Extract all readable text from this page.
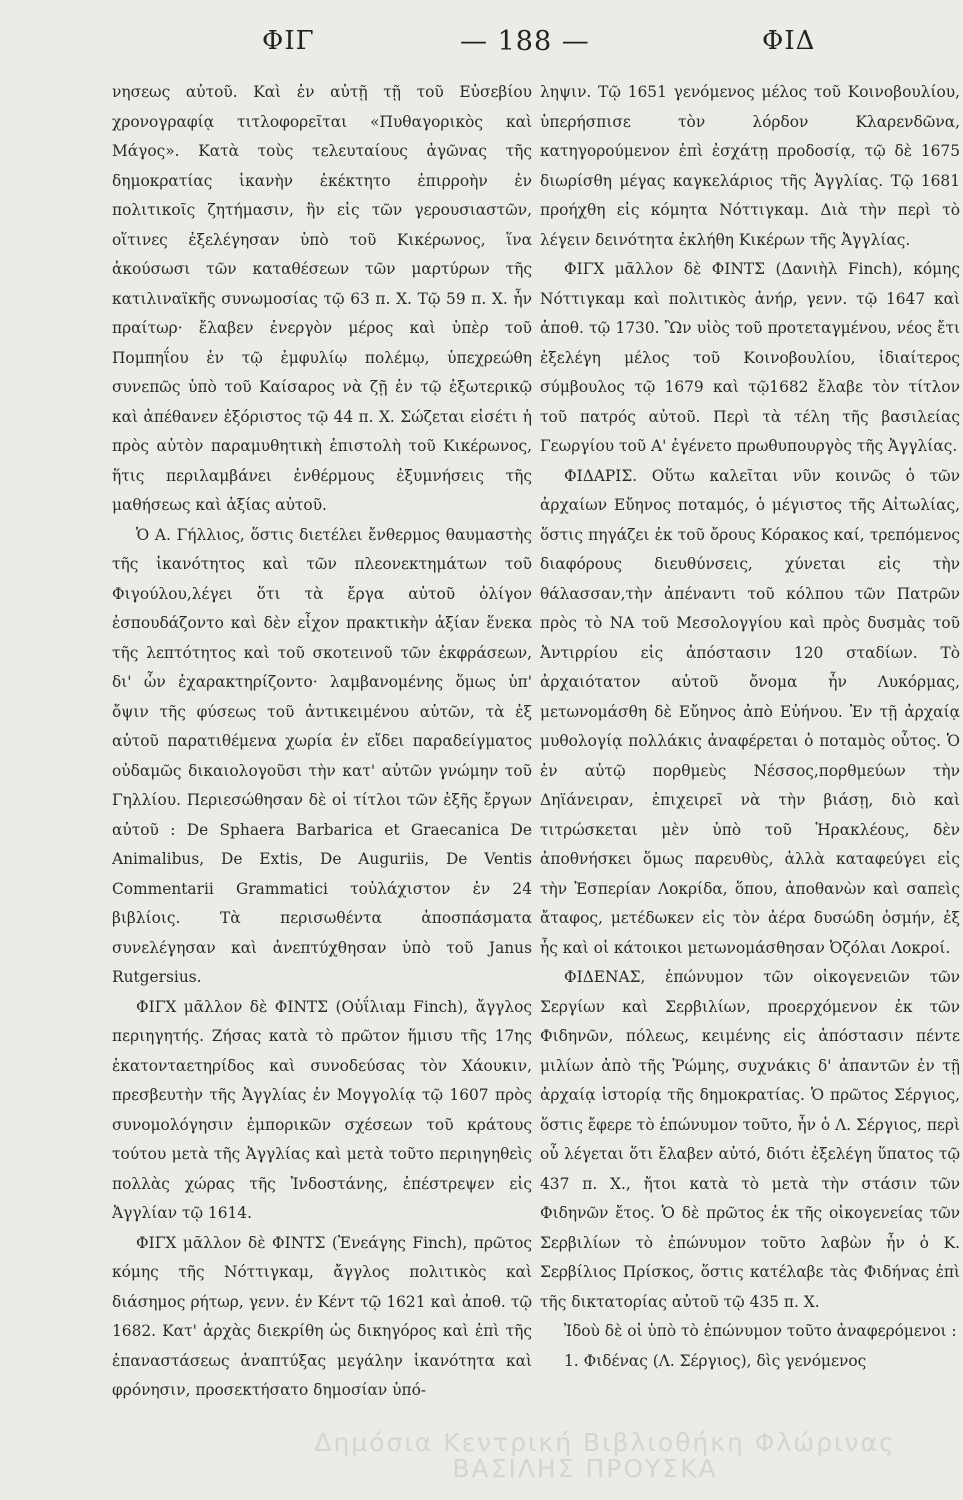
ΦΙΓ	— 188 —	ΦΙΔ

νησεως αὐτοῦ. Καὶ ἐν αὐτῇ τῇ τοῦ Εὐσεβίου χρονογραφίᾳ τιτλοφορεῖται «Πυθαγορικὸς καὶ Μάγος». Κατὰ τοὺς τελευταίους ἀγῶνας τῆς δημοκρατίας ἱκανὴν ἐκέκτητο ἐπιρροὴν ἐν πολιτικοῖς ζητήμασιν, ἣν εἰς τῶν γερουσιαστῶν, οἵτινες ἐξελέγησαν ὑπὸ τοῦ Κικέρωνος, ἵνα ἀκούσωσι τῶν καταθέσεων τῶν μαρτύρων τῆς κατιλιναϊκῆς συνωμοσίας τῷ 63 π. Χ. Τῷ 59 π. Χ. ἦν πραίτωρ· ἔλαβεν ἐνεργὸν μέρος καὶ ὑπὲρ τοῦ Πομπηΐου ἐν τῷ ἐμφυλίῳ πολέμῳ, ὑπεχρεώθη συνεπῶς ὑπὸ τοῦ Καίσαρος νὰ ζῇ ἐν τῷ ἐξωτερικῷ καὶ ἀπέθανεν ἐξόριστος τῷ 44 π. Χ. Σώζεται εἰσέτι ἡ πρὸς αὐτὸν παραμυθητικὴ ἐπιστολὴ τοῦ Κικέρωνος, ἥτις περιλαμβάνει ἐνθέρμους ἐξυμνήσεις τῆς μαθήσεως καὶ ἀξίας αὐτοῦ.

Ὁ Α. Γήλλιος, ὅστις διετέλει ἔνθερμος θαυμαστὴς τῆς ἱκανότητος καὶ τῶν πλεονεκτημάτων τοῦ Φιγούλου,λέγει ὅτι τὰ ἔργα αὐτοῦ ὀλίγον ἐσπουδάζοντο καὶ δὲν εἶχον πρακτικὴν ἀξίαν ἕνεκα τῆς λεπτότητος καὶ τοῦ σκοτεινοῦ τῶν ἐκφράσεων, δι' ὧν ἐχαρακτηρίζοντο· λαμβανομένης ὅμως ὑπ' ὄψιν τῆς φύσεως τοῦ ἀντικειμένου αὐτῶν, τὰ ἐξ αὐτοῦ παρατιθέμενα χωρία ἐν εἴδει παραδείγματος οὐδαμῶς δικαιολογοῦσι τὴν κατ' αὐτῶν γνώμην τοῦ Γηλλίου. Περιεσώθησαν δὲ οἱ τίτλοι τῶν ἑξῆς ἔργων αὐτοῦ : De Sphaera Barbarica et Graecanica De Animalibus, De Extis, De Auguriis, De Ventis Commentarii Grammatici τοὐλάχιστον ἐν 24 βιβλίοις. Τὰ περισωθέντα ἀποσπάσματα συνελέγησαν καὶ ἀνεπτύχθησαν ὑπὸ τοῦ Janus Rutgersius.

ΦΙΓΧ μᾶλλον δὲ ΦΙΝΤΣ (Οὐΐλιαμ Finch), ἄγγλος περιηγητής. Ζήσας κατὰ τὸ πρῶτον ἥμισυ τῆς 17ης ἑκατονταετηρίδος καὶ συνοδεύσας τὸν Χάουκιν, πρεσβευτὴν τῆς Ἀγγλίας ἐν Μογγολίᾳ τῷ 1607 πρὸς συνομολόγησιν ἐμπορικῶν σχέσεων τοῦ κράτους τούτου μετὰ τῆς Ἀγγλίας καὶ μετὰ τοῦτο περιηγηθεὶς πολλὰς χώρας τῆς Ἰνδοστάνης, ἐπέστρεψεν εἰς Ἀγγλίαν τῷ 1614.

ΦΙΓΧ μᾶλλον δὲ ΦΙΝΤΣ (Ἐνεάγης Finch), πρῶτος κόμης τῆς Νόττιγκαμ, ἄγγλος πολιτικὸς καὶ διάσημος ρήτωρ, γενν. ἐν Κέντ τῷ 1621 καὶ ἀποθ. τῷ 1682. Κατ' ἀρχὰς διεκρίθη ὡς δικηγόρος καὶ ἐπὶ τῆς ἐπαναστάσεως ἀναπτύξας μεγάλην ἱκανότητα καὶ φρόνησιν, προσεκτήσατο δημοσίαν ὑπό-

ληψιν. Τῷ 1651 γενόμενος μέλος τοῦ Κοινοβουλίου, ὑπερήσπισε τὸν λόρδον Κλαρενδῶνα, κατηγορούμενον ἐπὶ ἐσχάτῃ προδοσίᾳ, τῷ δὲ 1675 διωρίσθη μέγας καγκελάριος τῆς Ἀγγλίας. Τῷ 1681 προήχθη εἰς κόμητα Νόττιγκαμ. Διὰ τὴν περὶ τὸ λέγειν δεινότητα ἐκλήθη Κικέρων τῆς Ἀγγλίας.

ΦΙΓΧ μᾶλλον δὲ ΦΙΝΤΣ (Δανιὴλ Finch), κόμης Νόττιγκαμ καὶ πολιτικὸς ἀνήρ, γενν. τῷ 1647 καὶ ἀποθ. τῷ 1730. Ὢν υἱὸς τοῦ προτεταγμένου, νέος ἔτι ἐξελέγη μέλος τοῦ Κοινοβουλίου, ἰδιαίτερος σύμβουλος τῷ 1679 καὶ τῷ1682 ἔλαβε τὸν τίτλον τοῦ πατρός αὐτοῦ. Περὶ τὰ τέλη τῆς βασιλείας Γεωργίου τοῦ Α' ἐγένετο πρωθυπουργὸς τῆς Ἀγγλίας.

ΦΙΔΑΡΙΣ. Οὕτω καλεῖται νῦν κοινῶς ὁ τῶν ἀρχαίων Εὔηνος ποταμός, ὁ μέγιστος τῆς Αἰτωλίας, ὅστις πηγάζει ἐκ τοῦ ὄρους Κόρακος καί, τρεπόμενος διαφόρους διευθύνσεις, χύνεται εἰς τὴν θάλασσαν,τὴν ἀπέναντι τοῦ κόλπου τῶν Πατρῶν πρὸς τὸ ΝΑ τοῦ Μεσολογγίου καὶ πρὸς δυσμὰς τοῦ Ἀντιρρίου εἰς ἀπόστασιν 120 σταδίων. Τὸ ἀρχαιότατον αὐτοῦ ὄνομα ἦν Λυκόρμας, μετωνομάσθη δὲ Εὔηνος ἀπὸ Εὐήνου. Ἐν τῇ ἀρχαίᾳ μυθολογίᾳ πολλάκις ἀναφέρεται ὁ ποταμὸς οὗτος. Ὁ ἐν αὐτῷ πορθμεὺς Νέσσος,πορθμεύων τὴν Δηϊάνειραν, ἐπιχειρεῖ νὰ τὴν βιάσῃ, διὸ καὶ τιτρώσκεται μὲν ὑπὸ τοῦ Ἡρακλέους, δὲν ἀποθνήσκει ὅμως παρευθὺς, ἀλλὰ καταφεύγει εἰς τὴν Ἑσπερίαν Λοκρίδα, ὅπου, ἀποθανὼν καὶ σαπεὶς ἄταφος, μετέδωκεν εἰς τὸν ἀέρα δυσώδη ὀσμήν, ἐξ ἧς καὶ οἱ κάτοικοι μετωνομάσθησαν Ὀζόλαι Λοκροί.

ΦΙΔΕΝΑΣ, ἐπώνυμον τῶν οἰκογενειῶν τῶν Σεργίων καὶ Σερβιλίων, προερχόμενον ἐκ τῶν Φιδηνῶν, πόλεως, κειμένης εἰς ἀπόστασιν πέντε μιλίων ἀπὸ τῆς Ῥώμης, συχνάκις δ' ἀπαντῶν ἐν τῇ ἀρχαίᾳ ἱστορίᾳ τῆς δημοκρατίας. Ὁ πρῶτος Σέργιος, ὅστις ἔφερε τὸ ἐπώνυμον τοῦτο, ἦν ὁ Λ. Σέργιος, περὶ οὗ λέγεται ὅτι ἔλαβεν αὐτό, διότι ἐξελέγη ὕπατος τῷ 437 π. Χ., ἤτοι κατὰ τὸ μετὰ τὴν στάσιν τῶν Φιδηνῶν ἔτος. Ὁ δὲ πρῶτος ἐκ τῆς οἰκογενείας τῶν Σερβιλίων τὸ ἐπώνυμον τοῦτο λαβὼν ἦν ὁ Κ. Σερβίλιος Πρίσκος, ὅστις κατέλαβε τὰς Φιδήνας ἐπὶ τῆς δικτατορίας αὐτοῦ τῷ 435 π. Χ.

Ἰδοὺ δὲ οἱ ὑπὸ τὸ ἐπώνυμον τοῦτο ἀναφερόμενοι :

1. Φιδένας (Λ. Σέργιος), δὶς γενόμενος

Δημόσια Κεντρική Βιβλιοθήκη Φλώρινας
ΒΑΣΙΛΗΣ ΠΡΟΥΣΚΑ
